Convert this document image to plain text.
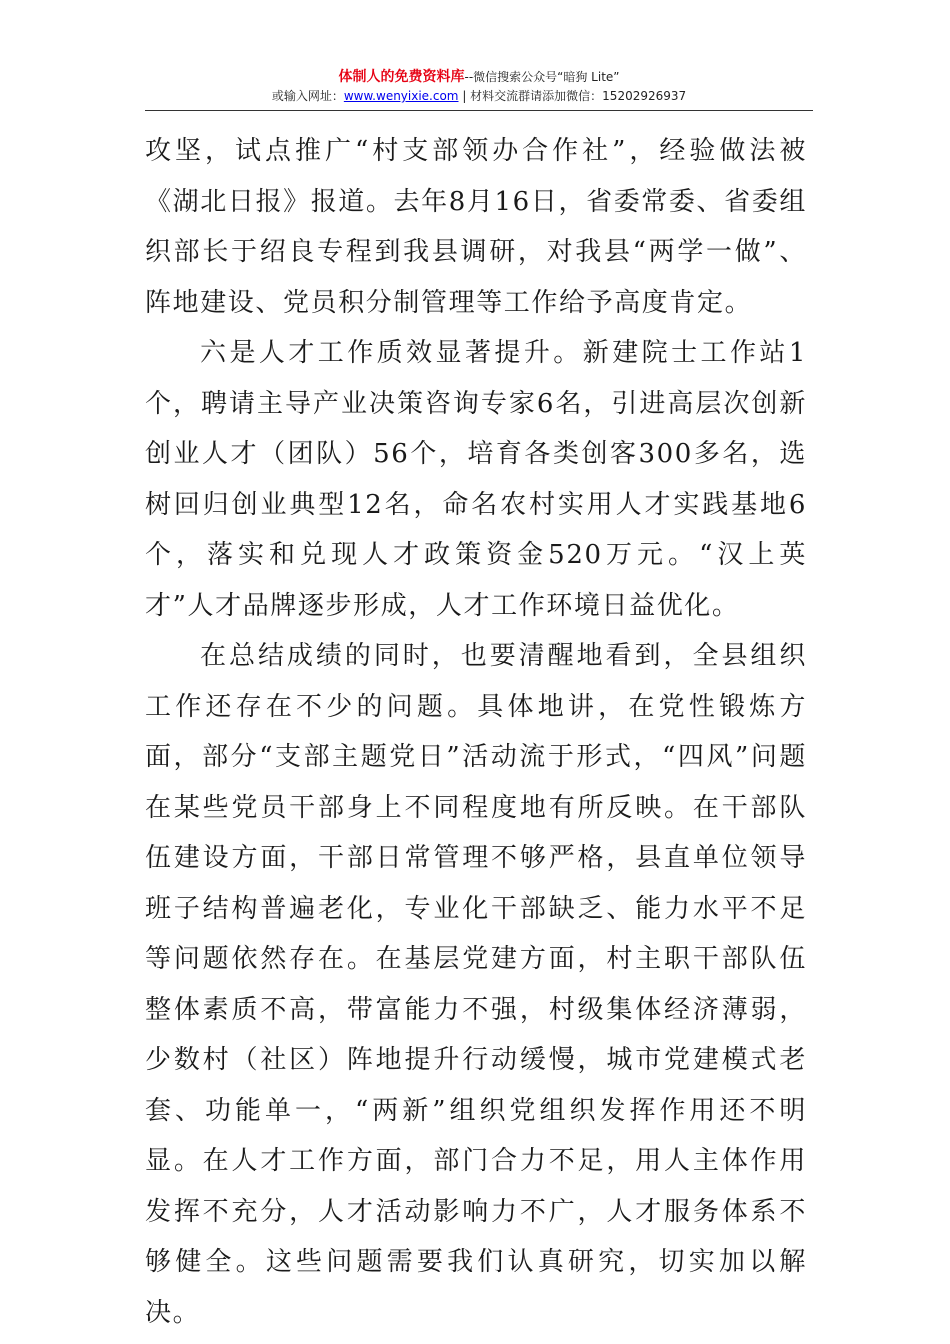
体制人的免费资料库--微信搜索公众号“暗狗 Lite”
或输入网址：www.wenyixie.com | 材料交流群请添加微信：15202926937

攻坚，试点推广“村支部领办合作社”，经验做法被《湖北日报》报道。去年8月16日，省委常委、省委组织部长于绍良专程到我县调研，对我县“两学一做”、阵地建设、党员积分制管理等工作给予高度肯定。

六是人才工作质效显著提升。新建院士工作站1个，聘请主导产业决策咨询专家6名，引进高层次创新创业人才（团队）56个，培育各类创客300多名，选树回归创业典型12名，命名农村实用人才实践基地6个，落实和兑现人才政策资金520万元。“汉上英才”人才品牌逐步形成，人才工作环境日益优化。

在总结成绩的同时，也要清醒地看到，全县组织工作还存在不少的问题。具体地讲，在党性锻炼方面，部分“支部主题党日”活动流于形式，“四风”问题在某些党员干部身上不同程度地有所反映。在干部队伍建设方面，干部日常管理不够严格，县直单位领导班子结构普遍老化，专业化干部缺乏、能力水平不足等问题依然存在。在基层党建方面，村主职干部队伍整体素质不高，带富能力不强，村级集体经济薄弱，少数村（社区）阵地提升行动缓慢，城市党建模式老套、功能单一，“两新”组织党组织发挥作用还不明显。在人才工作方面，部门合力不足，用人主体作用发挥不充分，人才活动影响力不广，人才服务体系不够健全。这些问题需要我们认真研究，切实加以解决。
